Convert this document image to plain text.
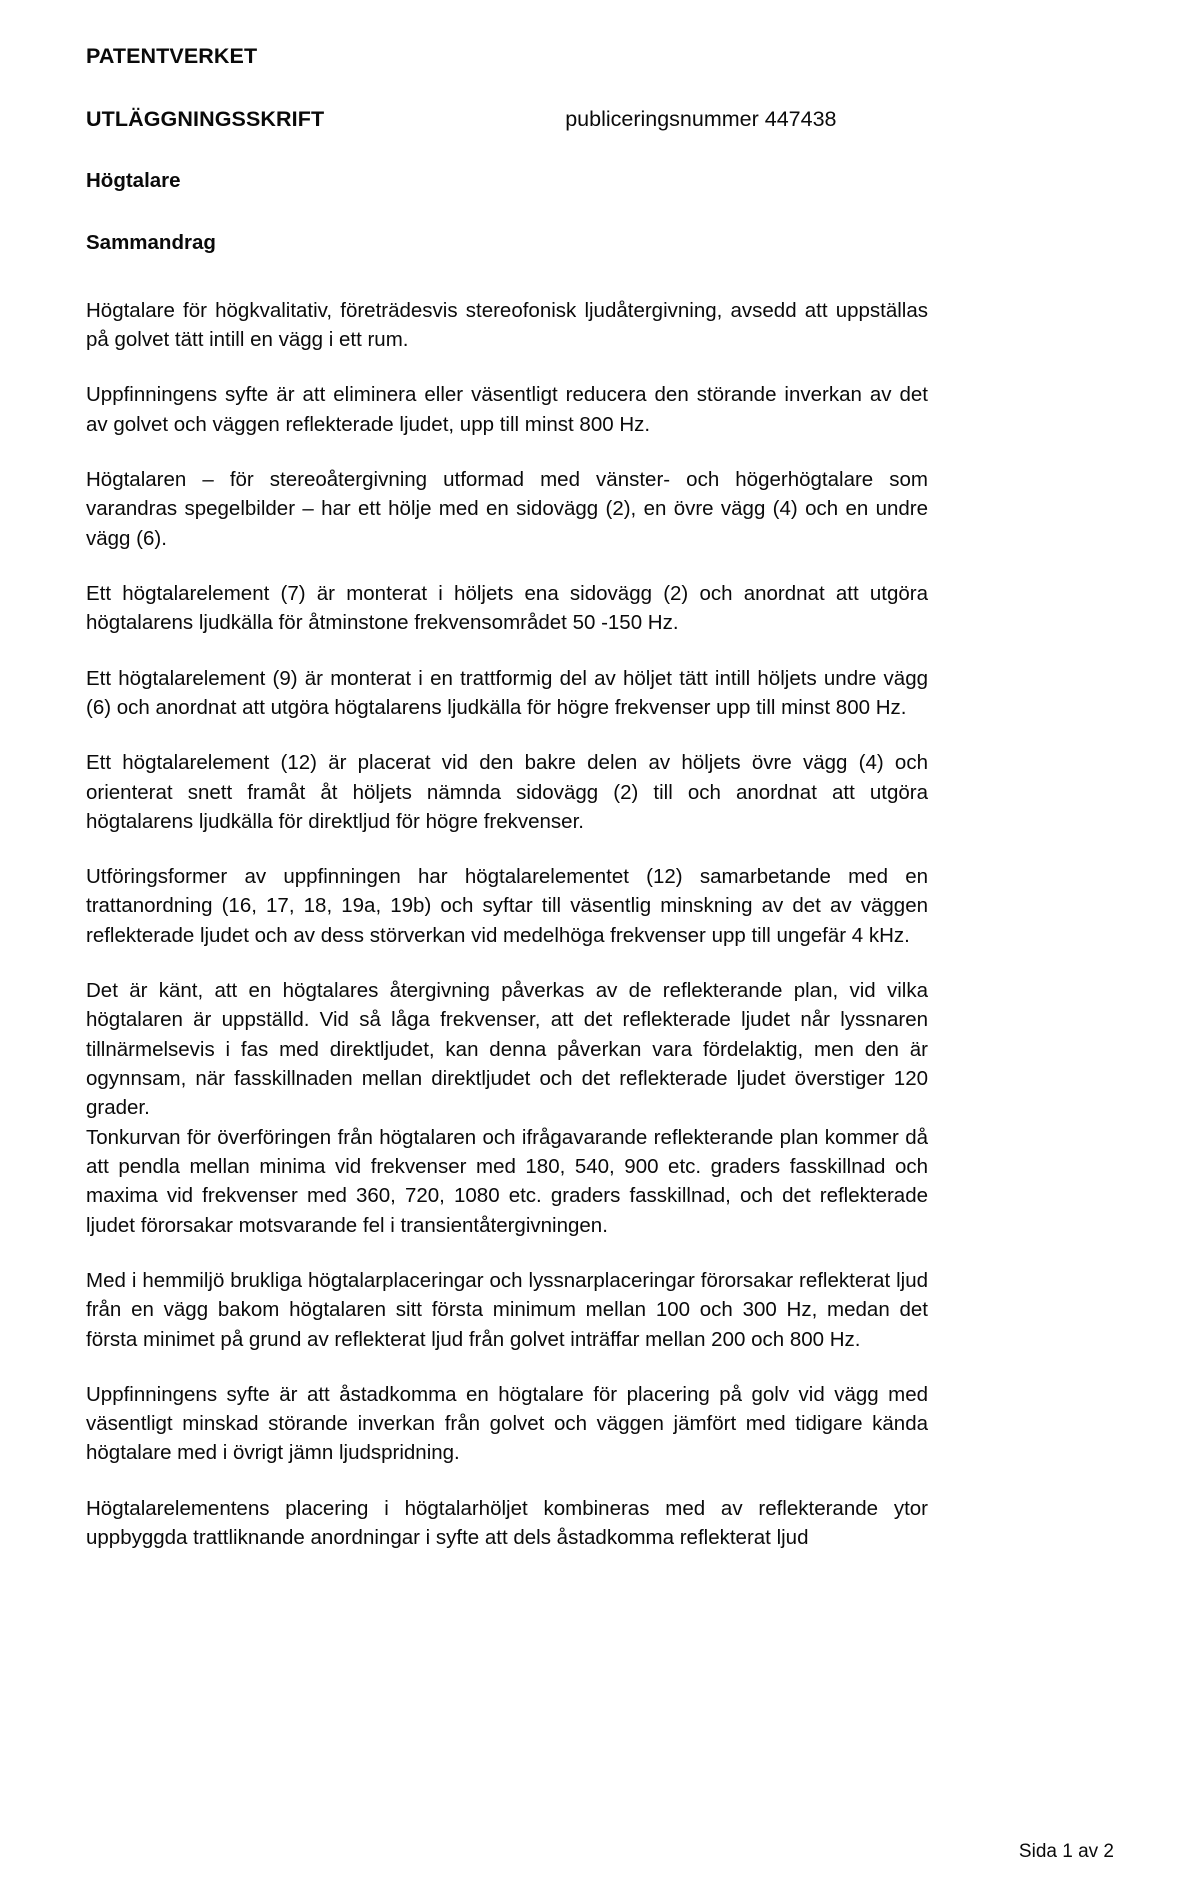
PATENTVERKET
UTLÄGGNINGSSKRIFT	publiceringsnummer 447438
Högtalare
Sammandrag

Högtalare för högkvalitativ, företrädesvis stereofonisk ljudåtergivning, avsedd att uppställas på golvet tätt intill en vägg i ett rum.

Uppfinningens syfte är att eliminera eller väsentligt reducera den störande inverkan av det av golvet och väggen reflekterade ljudet, upp till minst 800 Hz.

Högtalaren – för stereoåtergivning utformad med vänster- och högerhögtalare som varandras spegelbilder – har ett hölje med en sidovägg (2), en övre vägg (4) och en undre vägg (6).

Ett högtalarelement (7) är monterat i höljets ena sidovägg (2) och anordnat att utgöra högtalarens ljudkälla för åtminstone frekvensområdet 50 -150 Hz.

Ett högtalarelement (9) är monterat i en trattformig del av höljet tätt intill höljets undre vägg (6) och anordnat att utgöra högtalarens ljudkälla för högre frekvenser upp till minst 800 Hz.

Ett högtalarelement (12) är placerat vid den bakre delen av höljets övre vägg (4) och orienterat snett framåt åt höljets nämnda sidovägg (2) till och anordnat att utgöra högtalarens ljudkälla för direktljud för högre frekvenser.

Utföringsformer av uppfinningen har högtalarelementet (12) samarbetande med en trattanordning (16, 17, 18, 19a, 19b) och syftar till väsentlig minskning av det av väggen reflekterade ljudet och av dess störverkan vid medelhöga frekvenser upp till ungefär 4 kHz.

Det är känt, att en högtalares återgivning påverkas av de reflekterande plan, vid vilka högtalaren är uppställd. Vid så låga frekvenser, att det reflekterade ljudet når lyssnaren tillnärmelsevis i fas med direktljudet, kan denna påverkan vara fördelaktig, men den är ogynnsam, när fasskillnaden mellan direktljudet och det reflekterade ljudet överstiger 120 grader.

Tonkurvan för överföringen från högtalaren och ifrågavarande reflekterande plan kommer då att pendla mellan minima vid frekvenser med 180, 540, 900 etc. graders fasskillnad och maxima vid frekvenser med 360, 720, 1080 etc. graders fasskillnad, och det reflekterade ljudet förorsakar motsvarande fel i transientåtergivningen.

Med i hemmiljö brukliga högtalarplaceringar och lyssnarplaceringar förorsakar reflekterat ljud från en vägg bakom högtalaren sitt första minimum mellan 100 och 300 Hz, medan det första minimet på grund av reflekterat ljud från golvet inträffar mellan 200 och 800 Hz.

Uppfinningens syfte är att åstadkomma en högtalare för placering på golv vid vägg med väsentligt minskad störande inverkan från golvet och väggen jämfört med tidigare kända högtalare med i övrigt jämn ljudspridning.

Högtalarelementens placering i högtalarhöljet kombineras med av reflekterande ytor uppbyggda trattliknande anordningar i syfte att dels åstadkomma reflekterat ljud

Sida 1 av 2
